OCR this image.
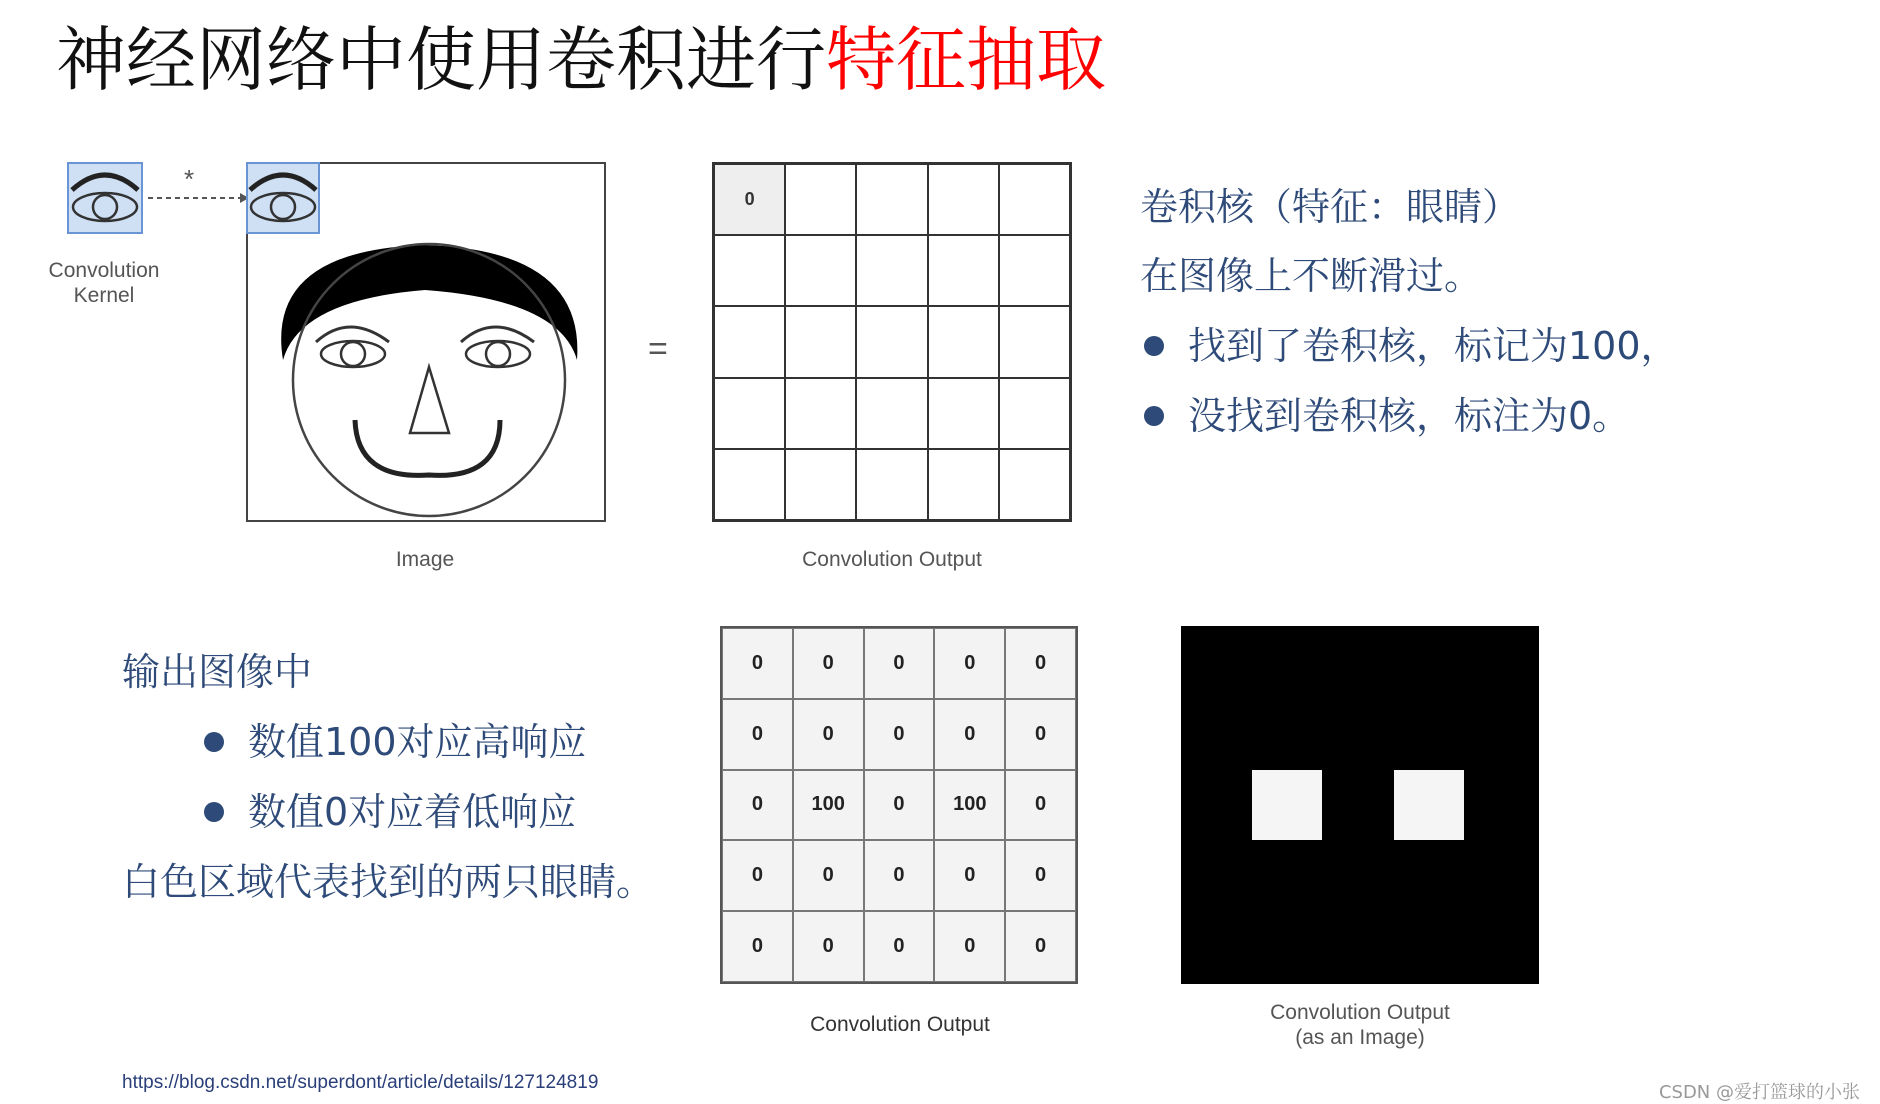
神经网络中使用卷积进行特征抽取
Convolution
Kernel
*
=
Image
0
Convolution Output
卷积核（特征：眼睛）
在图像上不断滑过。
找到了卷积核，标记为100，
没找到卷积核，标注为0。
输出图像中
数值100对应高响应
数值0对应着低响应
白色区域代表找到的两只眼睛。
0	0	0	0	0
0	0	0	0	0
0	100	0	100	0
0	0	0	0	0
0	0	0	0	0
Convolution Output
Convolution Output
(as an Image)
https://blog.csdn.net/superdont/article/details/127124819	CSDN @爱打篮球的小张
